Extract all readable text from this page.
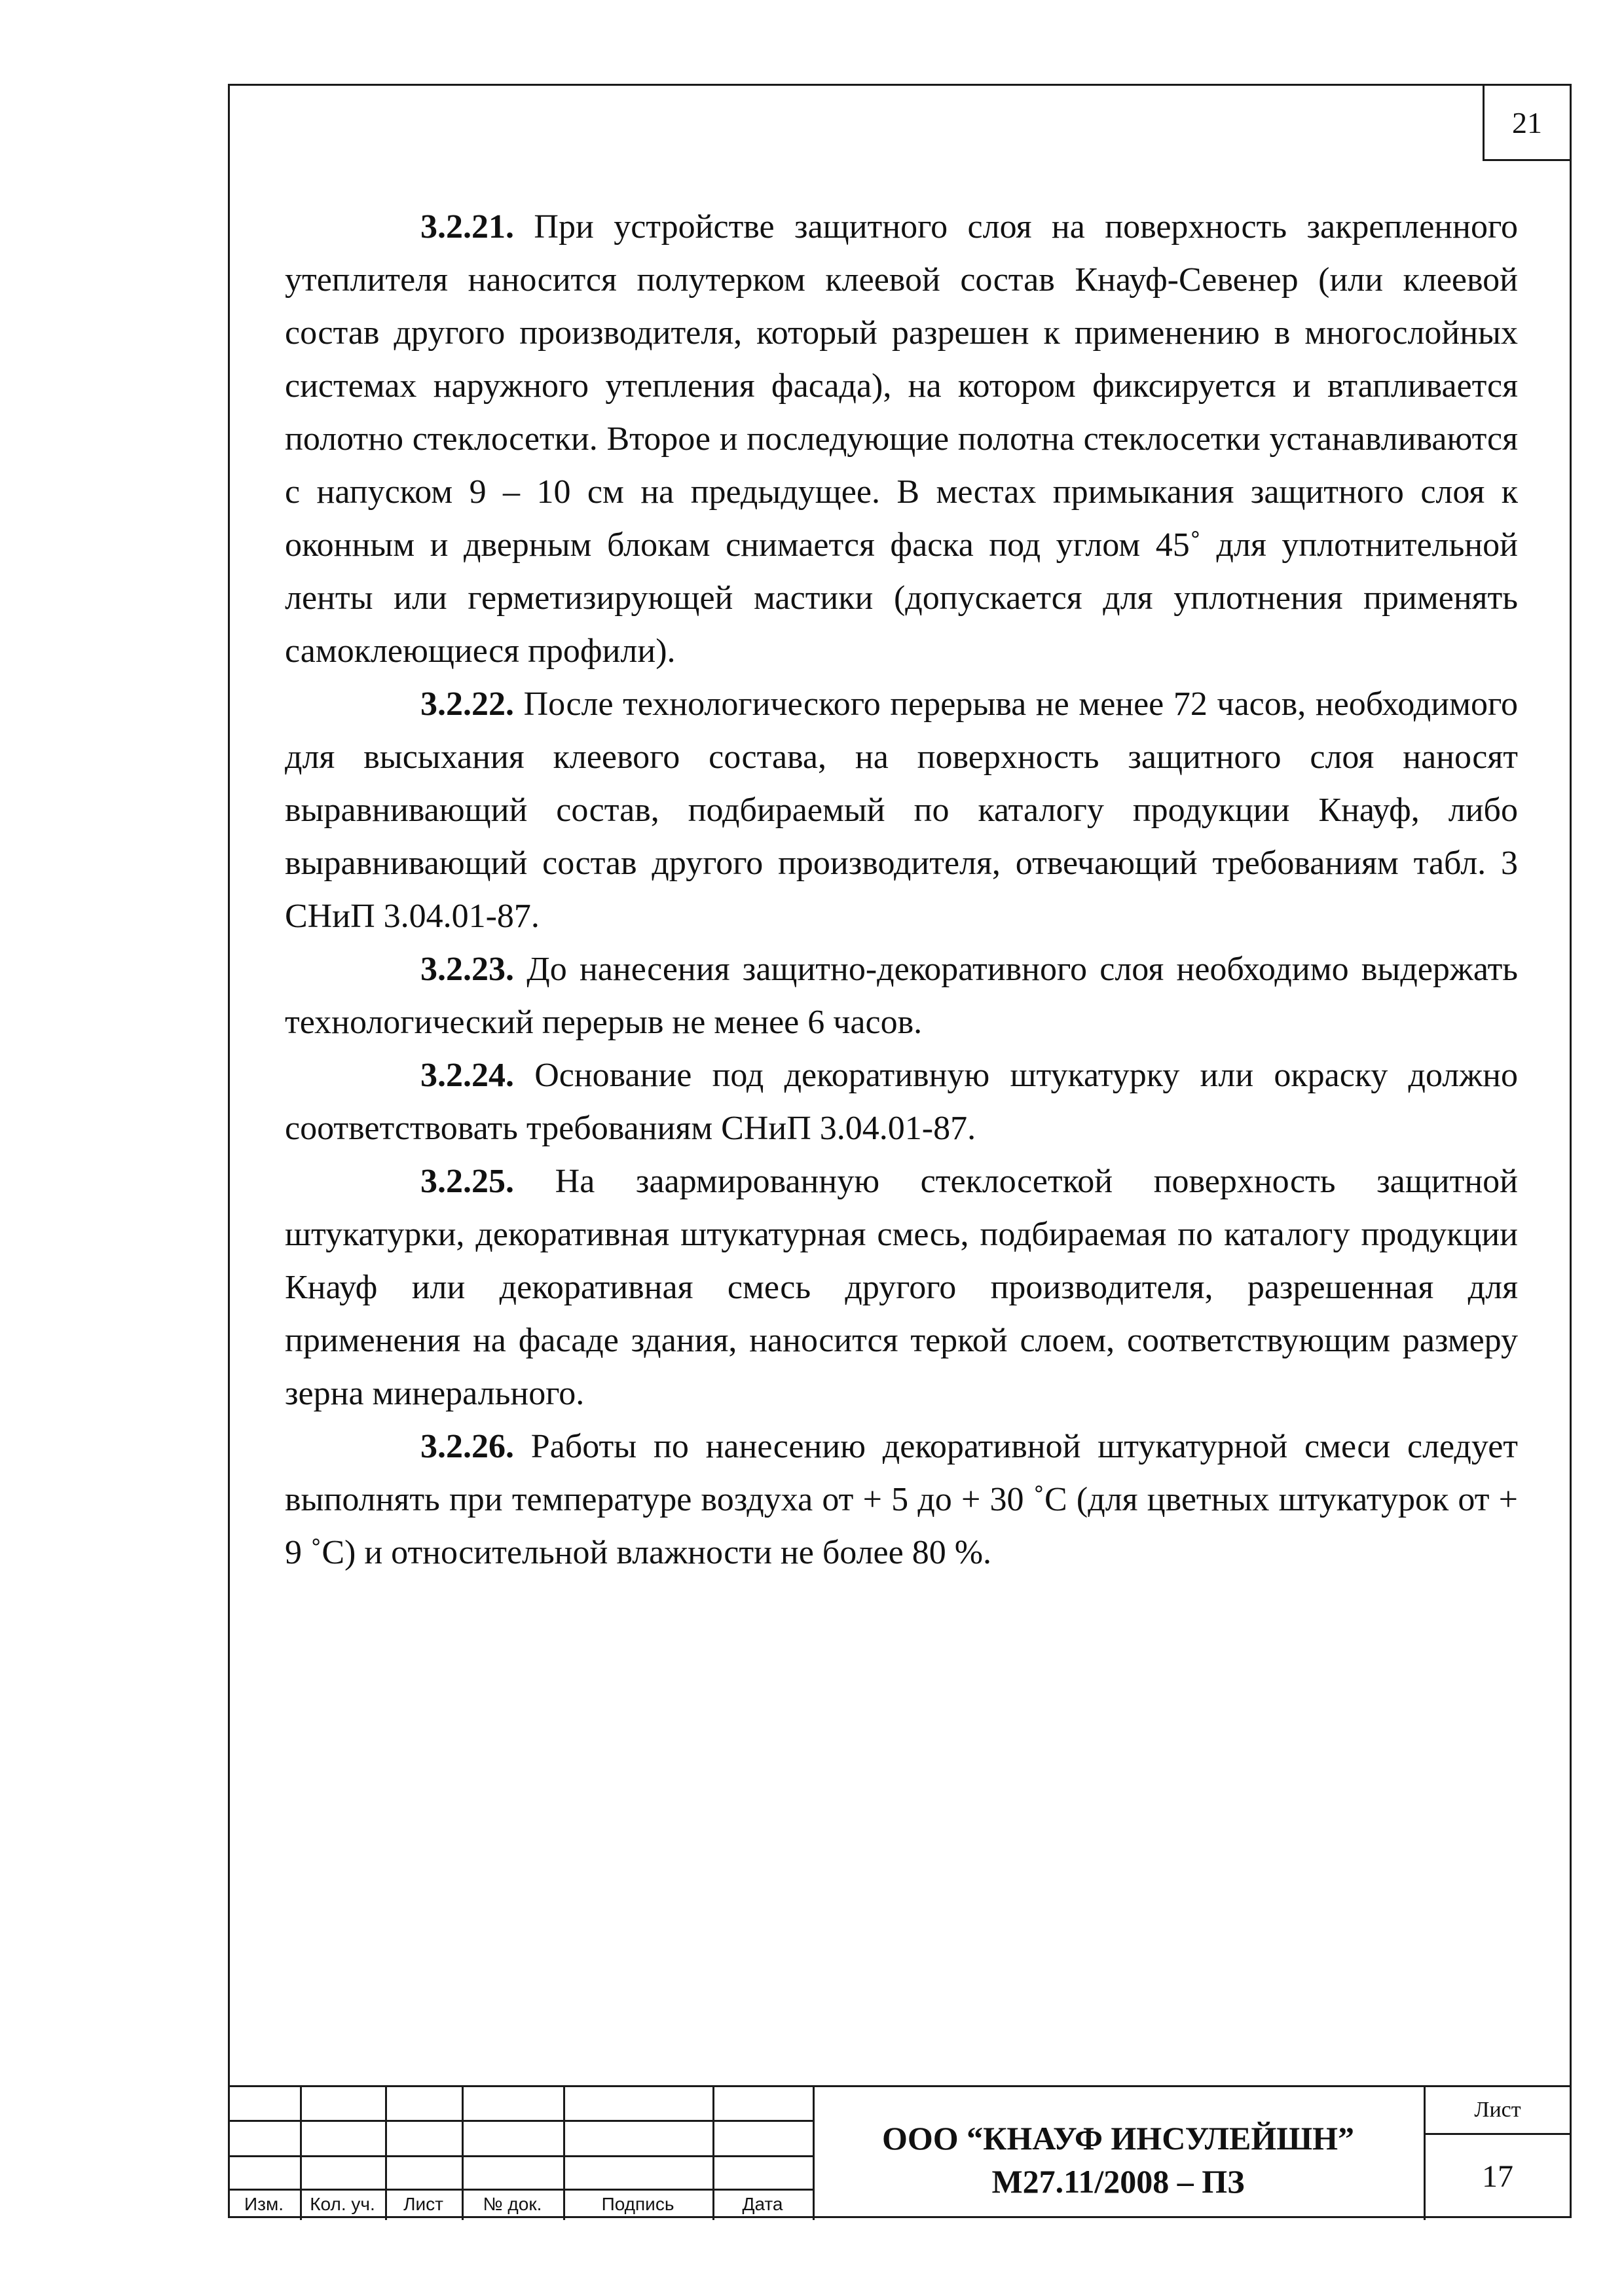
21

3.2.21. При устройстве защитного слоя на поверхность закрепленного утеплителя наносится полутерком клеевой состав Кнауф-Севенер (или клеевой состав другого производителя, который разрешен к применению в многослойных системах наружного утепления фасада), на котором фиксируется и втапливается полотно стеклосетки. Второе и последующие полотна стеклосетки устанавливаются с напуском 9 – 10 см на предыдущее. В местах примыкания защитного слоя к оконным и дверным блокам снимается фаска под углом 45˚ для уплотнительной ленты или герметизирующей мастики (допускается для уплотнения применять самоклеющиеся профили).

3.2.22. После технологического перерыва не менее 72 часов, необходимого для высыхания клеевого состава, на поверхность защитного слоя наносят выравнивающий состав, подбираемый по каталогу продукции Кнауф, либо выравнивающий состав другого производителя, отвечающий требованиям табл. 3 СНиП 3.04.01-87.

3.2.23. До нанесения защитно-декоративного слоя необходимо выдержать технологический перерыв не менее 6 часов.

3.2.24. Основание под декоративную штукатурку или окраску должно соответствовать требованиям СНиП 3.04.01-87.

3.2.25. На заармированную стеклосеткой поверхность защитной штукатурки, декоративная штукатурная смесь, подбираемая по каталогу продукции Кнауф или декоративная смесь другого производителя, разрешенная для применения на фасаде здания, наносится теркой слоем, соответствующим размеру зерна минерального.

3.2.26. Работы по нанесению декоративной штукатурной смеси следует выполнять при температуре воздуха от + 5 до + 30 ˚С (для цветных штукатурок от + 9 ˚С) и относительной влажности не более 80 %.

Изм.	Кол. уч.	Лист	№ док.	Подпись	Дата
ООО “КНАУФ ИНСУЛЕЙШН”
М27.11/2008 – ПЗ
Лист
17
